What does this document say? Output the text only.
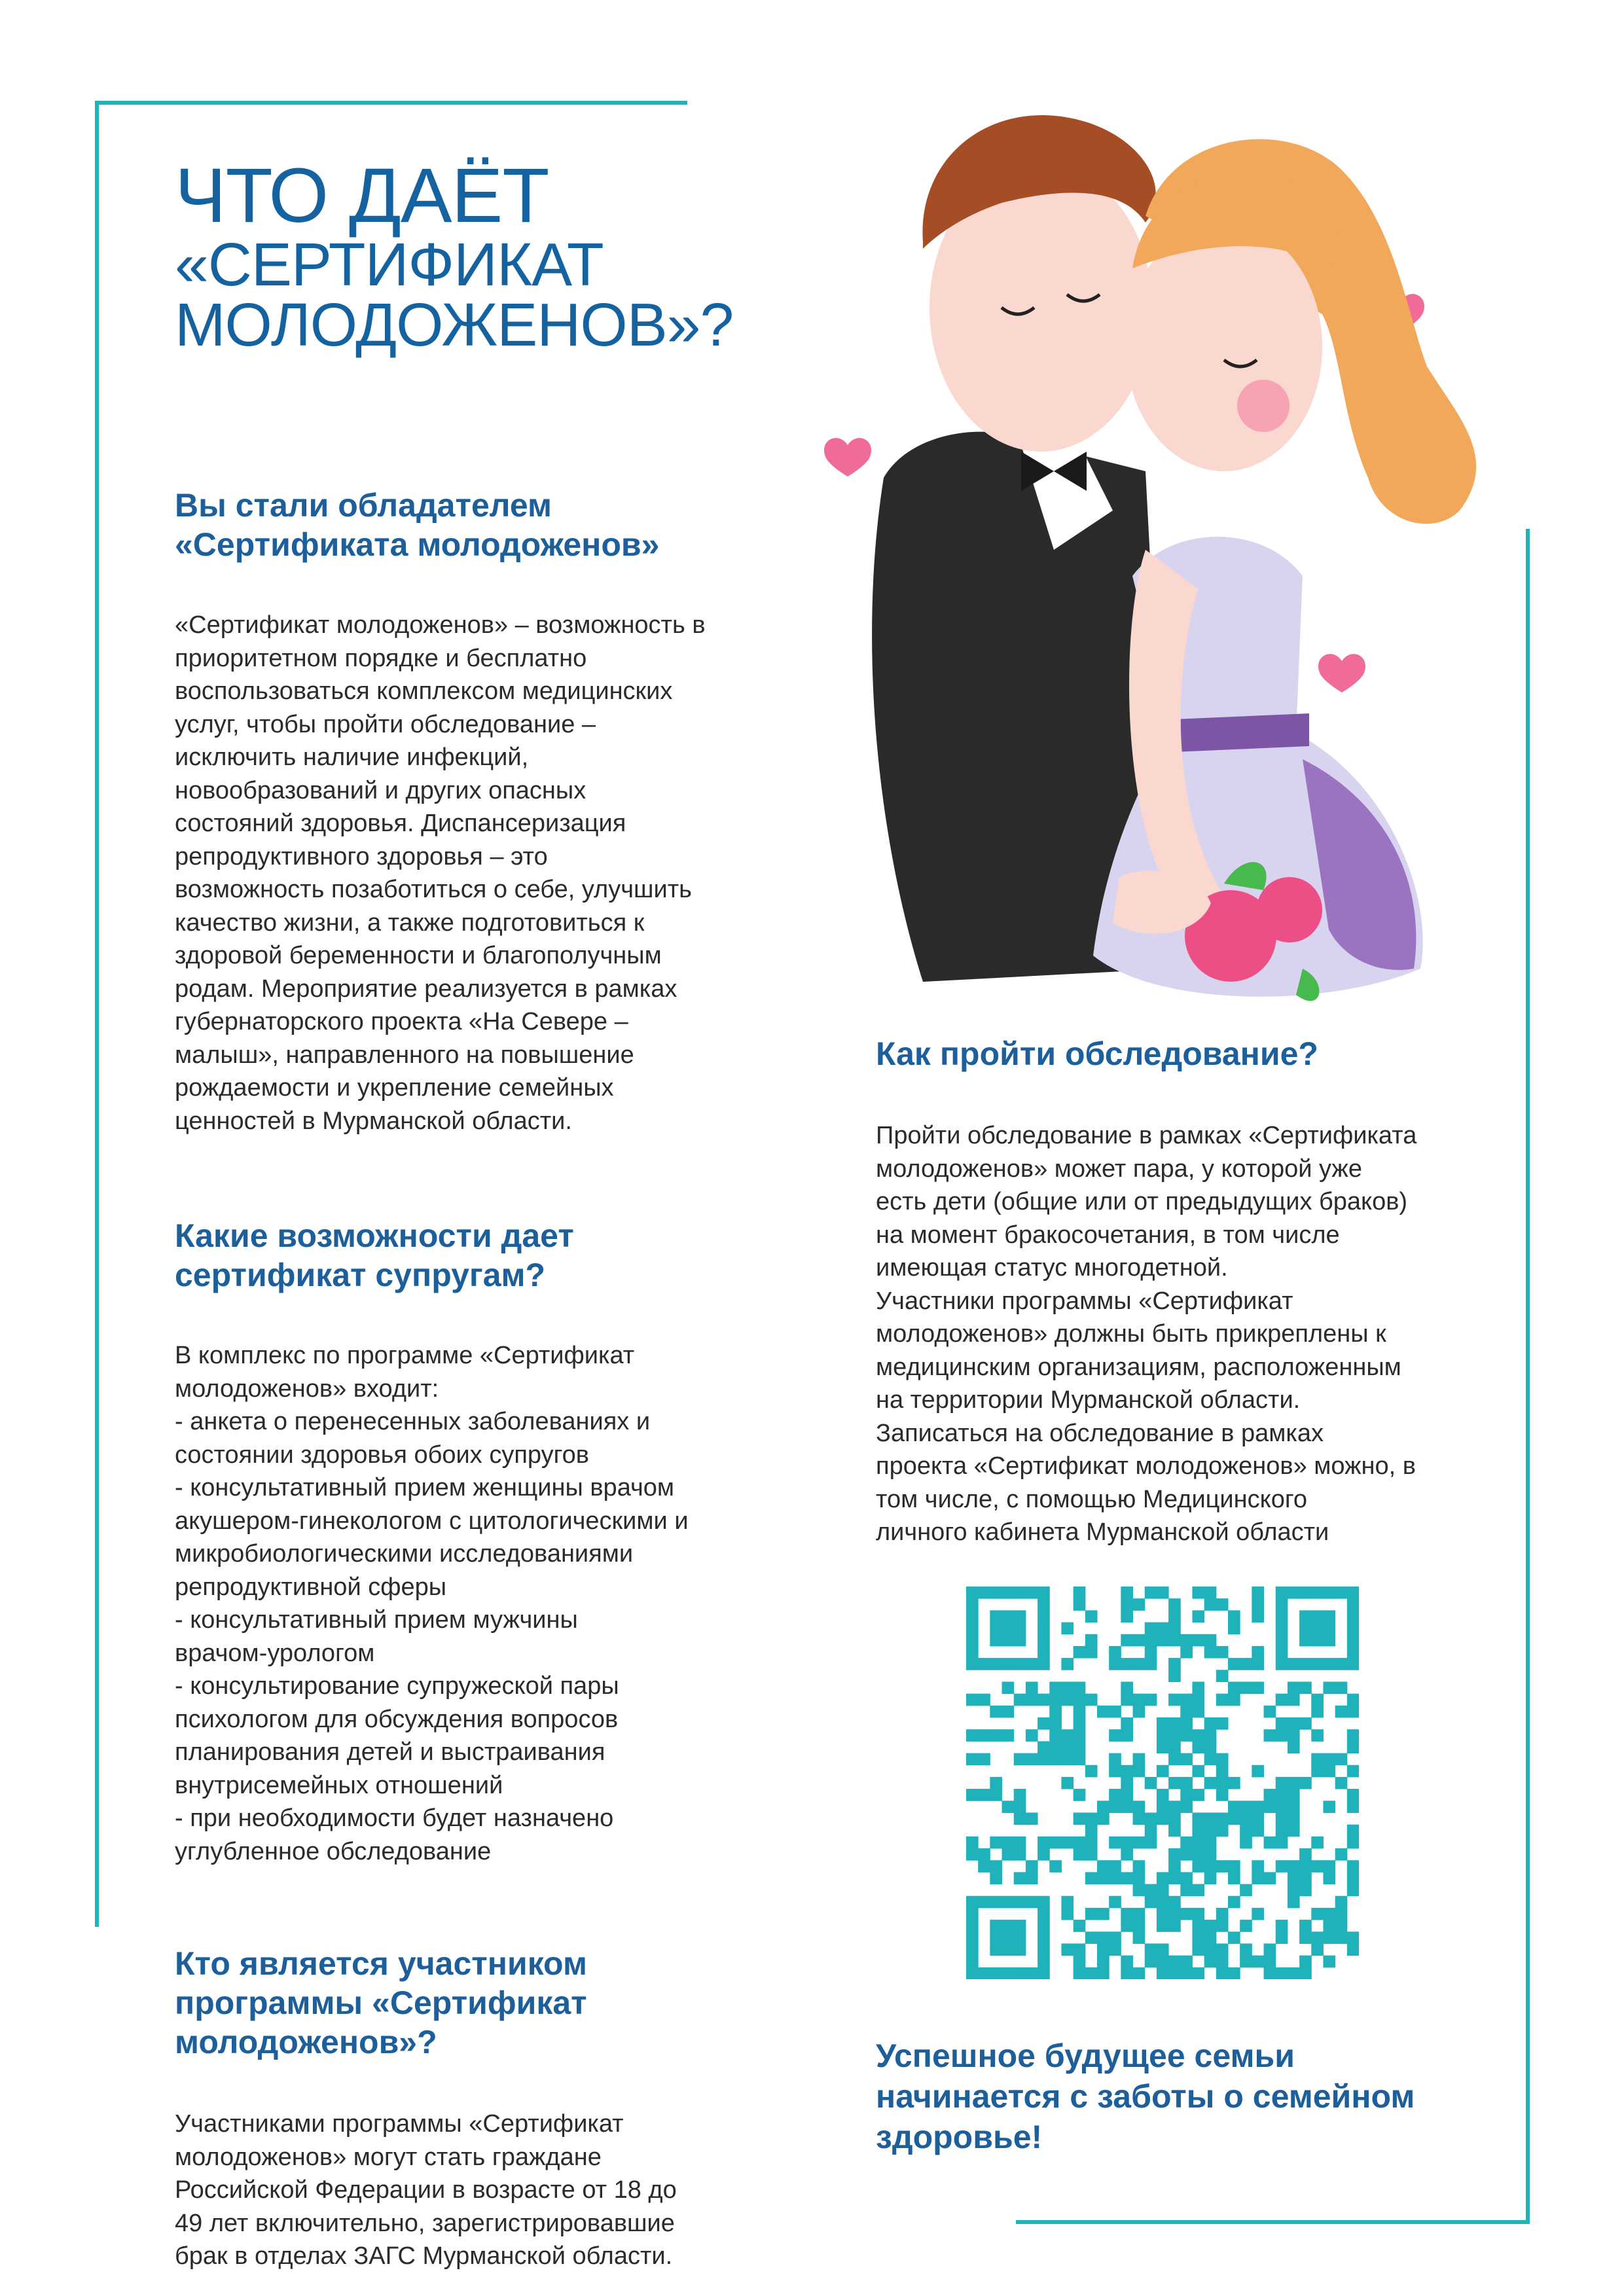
ЧТО ДАЁТ
«СЕРТИФИКАТ
МОЛОДОЖЕНОВ»?
Вы стали обладателем
«Сертификата молодоженов»

«Сертификат молодоженов» – возможность в
приоритетном порядке и бесплатно
воспользоваться комплексом медицинских
услуг, чтобы пройти обследование –
исключить наличие инфекций,
новообразований и других опасных
состояний здоровья. Диспансеризация
репродуктивного здоровья – это
возможность позаботиться о себе, улучшить
качество жизни, а также подготовиться к
здоровой беременности и благополучным
родам. Мероприятие реализуется в рамках
губернаторского проекта «На Севере –
малыш», направленного на повышение
рождаемости и укрепление семейных
ценностей в Мурманской области.

Какие возможности дает
сертификат супругам?

В комплекс по программе «Сертификат
молодоженов» входит:
- анкета о перенесенных заболеваниях и
состоянии здоровья обоих супругов
- консультативный прием женщины врачом
акушером-гинекологом с цитологическими и
микробиологическими исследованиями
репродуктивной сферы
- консультативный прием мужчины
врачом-урологом
- консультирование супружеской пары
психологом для обсуждения вопросов
планирования детей и выстраивания
внутрисемейных отношений
- при необходимости будет назначено
углубленное обследование

Кто является участником
программы «Сертификат
молодоженов»?

Участниками программы «Сертификат
молодоженов» могут стать граждане
Российской Федерации в возрасте от 18 до
49 лет включительно, зарегистрировавшие
брак в отделах ЗАГС Мурманской области.

Как пройти обследование?

Пройти обследование в рамках «Сертификата
молодоженов» может пара, у которой уже
есть дети (общие или от предыдущих браков)
на момент бракосочетания, в том числе
имеющая статус многодетной.
Участники программы «Сертификат
молодоженов» должны быть прикреплены к
медицинским организациям, расположенным
на территории Мурманской области.
Записаться на обследование в рамках
проекта «Сертификат молодоженов» можно, в
том числе, с помощью Медицинского
личного кабинета Мурманской области

Успешное будущее семьи
начинается с заботы о семейном
здоровье!
